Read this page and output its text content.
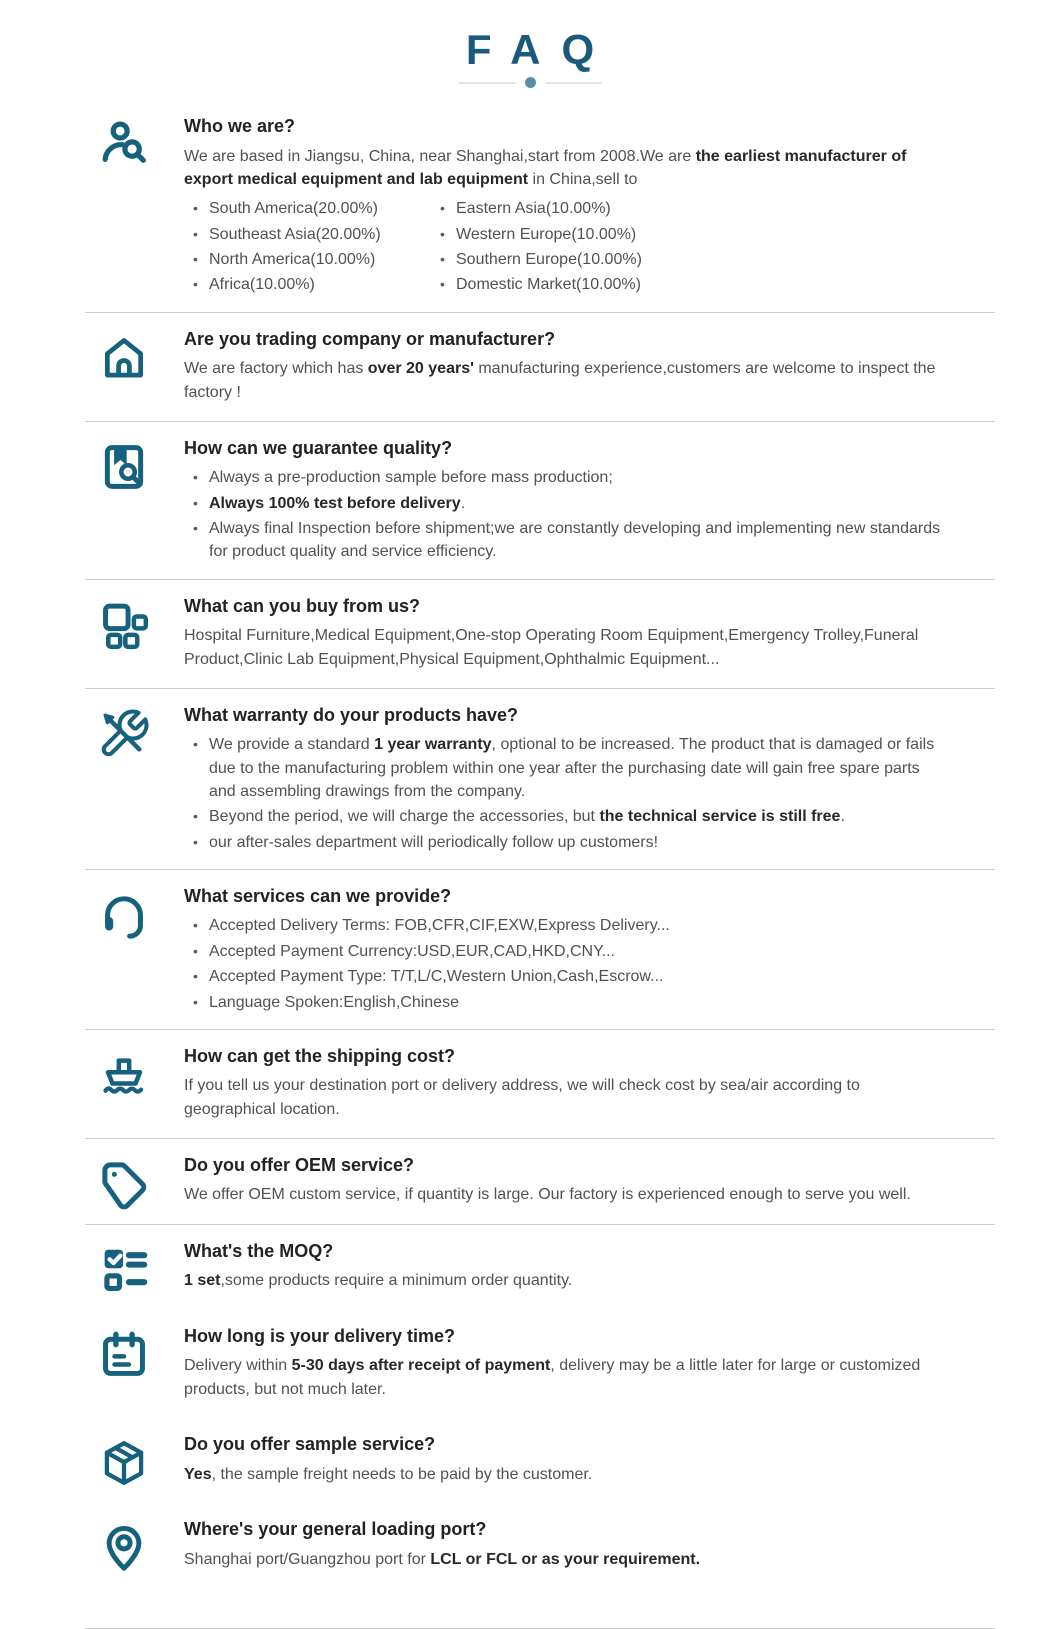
FAQ
Who we are?

We are based in Jiangsu, China, near Shanghai,start from 2008.We are the earliest manufacturer of export medical equipment and lab equipment in China,sell to

• South America(20.00%)
• Southeast Asia(20.00%)
• North America(10.00%)
• Africa(10.00%)
• Eastern Asia(10.00%)
• Western Europe(10.00%)
• Southern Europe(10.00%)
• Domestic Market(10.00%)
Are you trading company or manufacturer?

We are factory which has over 20 years' manufacturing experience,customers are welcome to inspect the factory !

How can we guarantee quality?
• Always a pre-production sample before mass production;
• Always 100% test before delivery.
• Always final Inspection before shipment;we are constantly developing and implementing new standards for product quality and service efficiency.
What can you buy from us?

Hospital Furniture,Medical Equipment,One-stop Operating Room Equipment,Emergency Trolley,Funeral Product,Clinic Lab Equipment,Physical Equipment,Ophthalmic Equipment...

What warranty do your products have?
• We provide a standard 1 year warranty, optional to be increased. The product that is damaged or fails due to the manufacturing problem within one year after the purchasing date will gain free spare parts and assembling drawings from the company.
• Beyond the period, we will charge the accessories, but the technical service is still free.
• our after-sales department will periodically follow up customers!
What services can we provide?
• Accepted Delivery Terms: FOB,CFR,CIF,EXW,Express Delivery...
• Accepted Payment Currency:USD,EUR,CAD,HKD,CNY...
• Accepted Payment Type: T/T,L/C,Western Union,Cash,Escrow...
• Language Spoken:English,Chinese
How can get the shipping cost?

If you tell us your destination port or delivery address, we will check cost by sea/air according to geographical location.

Do you offer OEM service?

We offer OEM custom service, if quantity is large. Our factory is experienced enough to serve you well.

What's the MOQ?

1 set,some products require a minimum order quantity.

How long is your delivery time?

Delivery within 5-30 days after receipt of payment, delivery may be a little later for large or customized products, but not much later.

Do you offer sample service?

Yes, the sample freight needs to be paid by the customer.

Where's your general loading port?

Shanghai port/Guangzhou port for LCL or FCL or as your requirement.
